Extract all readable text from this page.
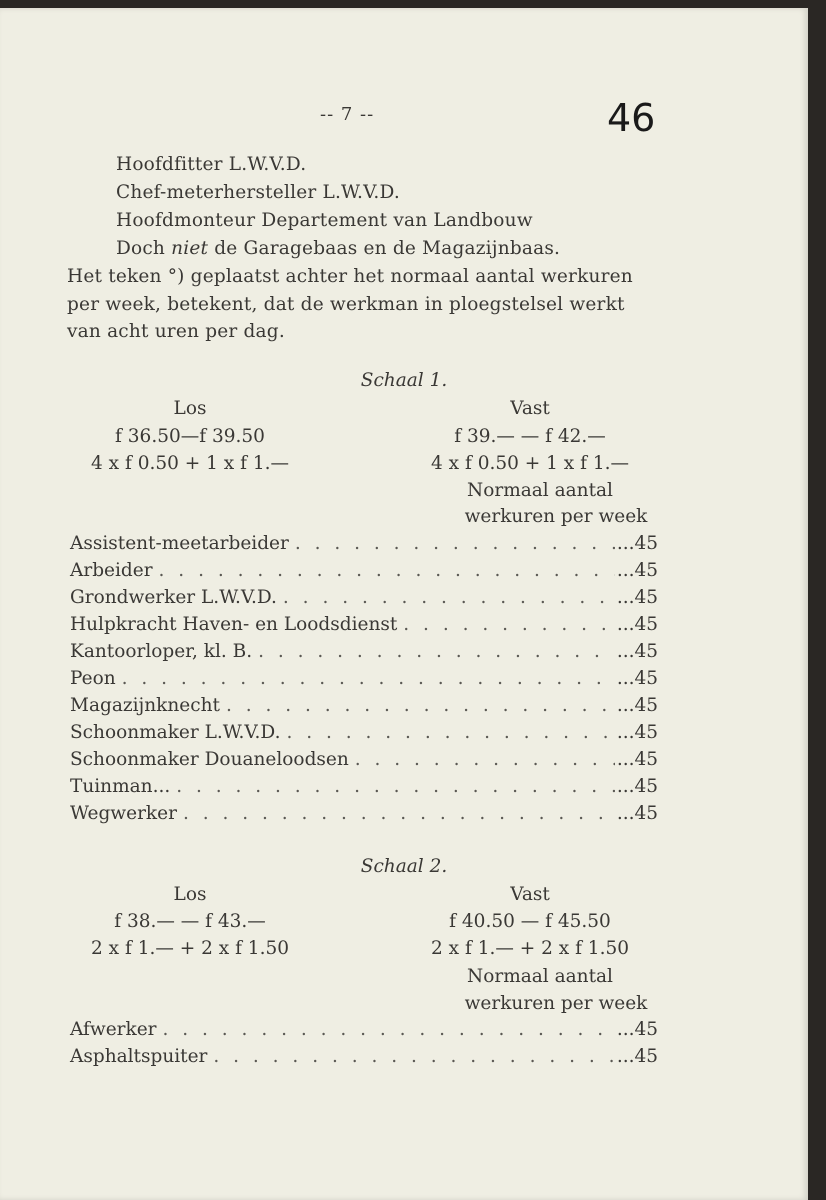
-- 7 --	46
Hoofdfitter L.W.V.D.
Chef-meterhersteller L.W.V.D.
Hoofdmonteur Departement van Landbouw
Doch niet de Garagebaas en de Magazijnbaas.
Het teken °) geplaatst achter het normaal aantal werkuren
per week, betekent, dat de werkman in ploegstelsel werkt
van acht uren per dag.
Schaal 1.
Los
f 36.50—f 39.50
4 x f 0.50 + 1 x f 1.—
Vast
f 39.— — f 42.—
4 x f 0.50 + 1 x f 1.—
Normaal aantal
werkuren per week
Assistent-meetarbeider . . .	...45
Arbeider . . .	...45
Grondwerker L.W.V.D. . . .	...45
Hulpkracht Haven- en Loodsdienst . . .	...45
Kantoorloper, kl. B. . . .	...45
Peon . . .	...45
Magazijnknecht . . .	...45
Schoonmaker L.W.V.D. . . .	...45
Schoonmaker Douaneloodsen . . .	...45
Tuinman... . . .	...45
Wegwerker . . .	...45
Schaal 2.
Los
f 38.— — f 43.—
2 x f 1.— + 2 x f 1.50
Vast
f 40.50 — f 45.50
2 x f 1.— + 2 x f 1.50
Normaal aantal
werkuren per week
Afwerker . . .	...45
Asphaltspuiter . . .	...45
